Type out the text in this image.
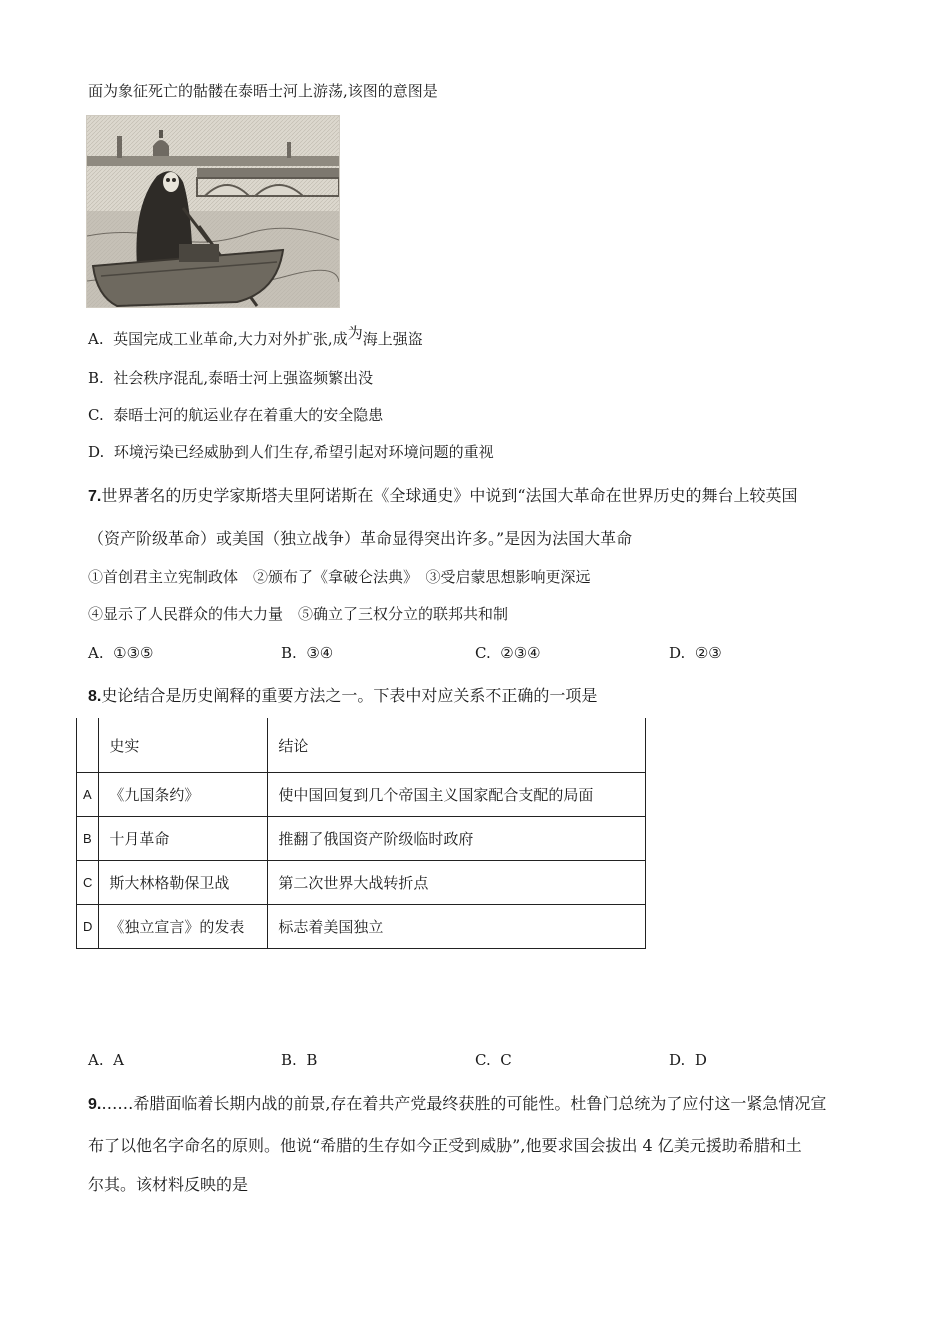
面为象征死亡的骷髅在泰晤士河上游荡,该图的意图是
A. 英国完成工业革命,大力对外扩张,成为海上强盗
B. 社会秩序混乱,泰晤士河上强盗频繁出没
C. 泰晤士河的航运业存在着重大的安全隐患
D. 环境污染已经威胁到人们生存,希望引起对环境问题的重视
7.世界著名的历史学家斯塔夫里阿诺斯在《全球通史》中说到“法国大革命在世界历史的舞台上较英国
（资产阶级革命）或美国（独立战争）革命显得突出许多。”是因为法国大革命
①首创君主立宪制政体　②颁布了《拿破仑法典》　③受启蒙思想影响更深远
④显示了人民群众的伟大力量　⑤确立了三权分立的联邦共和制
A. ①③⑤	B. ③④	C. ②③④	D. ②③
8.史论结合是历史阐释的重要方法之一。下表中对应关系不正确的一项是
	史实	结论
A	《九国条约》	使中国回复到几个帝国主义国家配合支配的局面
B	十月革命	推翻了俄国资产阶级临时政府
C	斯大林格勒保卫战	第二次世界大战转折点
D	《独立宣言》的发表	标志着美国独立
A. A	B. B	C. C	D. D
9.……希腊面临着长期内战的前景,存在着共产党最终获胜的可能性。杜鲁门总统为了应付这一紧急情况宣
布了以他名字命名的原则。他说“希腊的生存如今正受到威胁”,他要求国会拔出 4 亿美元援助希腊和土
尔其。该材料反映的是
